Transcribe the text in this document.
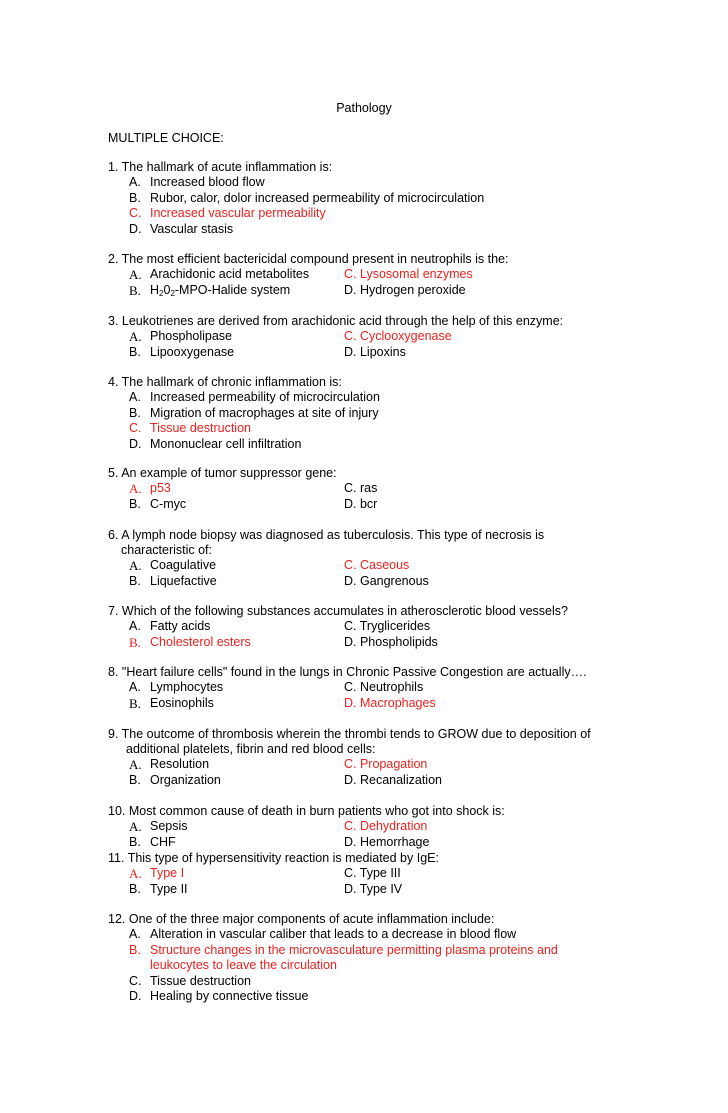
Pathology
MULTIPLE CHOICE:
1. The hallmark of acute inflammation is:
A. Increased blood flow
B. Rubor, calor, dolor increased permeability of microcirculation
C. Increased vascular permeability
D. Vascular stasis
2. The most efficient bactericidal compound present in neutrophils is the:
A. Arachidonic acid metabolites	C. Lysosomal enzymes
B. $H_20_2-MPO$-Halide system	D. Hydrogen peroxide
3. Leukotrienes are derived from arachidonic acid through the help of this enzyme:
A. Phospholipase	C. Cyclooxygenase
B. Lipooxygenase	D. Lipoxins
4. The hallmark of chronic inflammation is:
A. Increased permeability of microcirculation
B. Migration of macrophages at site of injury
C. Tissue destruction
D. Mononuclear cell infiltration
5. An example of tumor suppressor gene:
A. p53	C. ras
B. C-myc	D. bcr
6. A lymph node biopsy was diagnosed as tuberculosis. This type of necrosis is
characteristic of:
A. Coagulative	C. Caseous
B. Liquefactive	D. Gangrenous
7. Which of the following substances accumulates in atherosclerotic blood vessels?
A. Fatty acids	C. Tryglicerides
B. Cholesterol esters	D. Phospholipids
8. "Heart failure cells" found in the lungs in Chronic Passive Congestion are actually….
A. Lymphocytes	C. Neutrophils
B. Eosinophils	D. Macrophages
9. The outcome of thrombosis wherein the thrombi tends to GROW due to deposition of
additional platelets, fibrin and red blood cells:
A. Resolution	C. Propagation
B. Organization	D. Recanalization
10. Most common cause of death in burn patients who got into shock is:
A. Sepsis	C. Dehydration
B. CHF	D. Hemorrhage
11. This type of hypersensitivity reaction is mediated by IgE:
A. Type I	C. Type III
B. Type II	D. Type IV
12. One of the three major components of acute inflammation include:
A. Alteration in vascular caliber that leads to a decrease in blood flow
B. Structure changes in the microvasculature permitting plasma proteins and
leukocytes to leave the circulation
C. Tissue destruction
D. Healing by connective tissue
